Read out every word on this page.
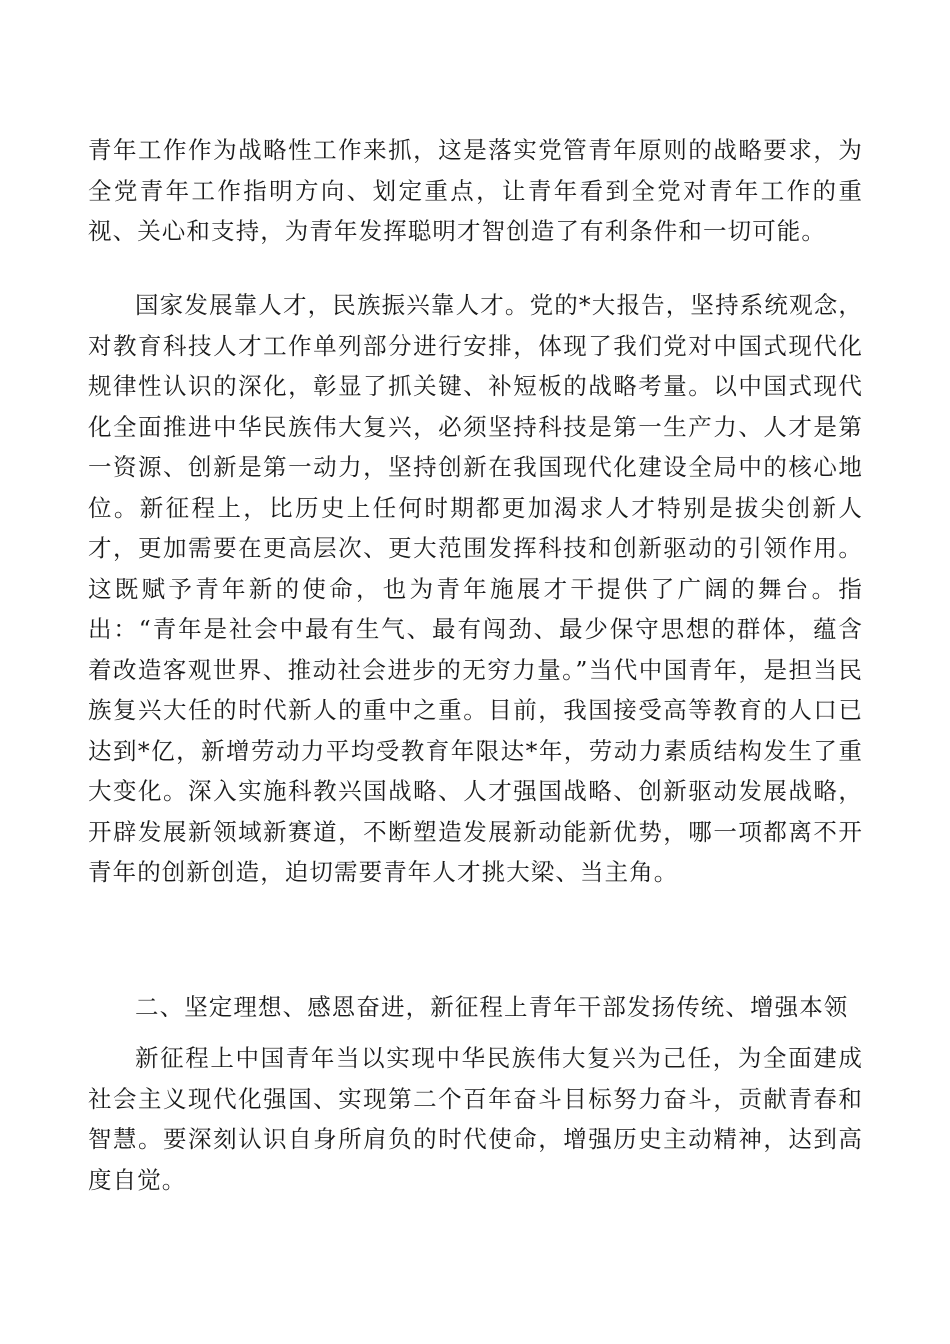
青年工作作为战略性工作来抓，这是落实党管青年原则的战略要求，为全党青年工作指明方向、划定重点，让青年看到全党对青年工作的重视、关心和支持，为青年发挥聪明才智创造了有利条件和一切可能。

国家发展靠人才，民族振兴靠人才。党的*大报告，坚持系统观念，对教育科技人才工作单列部分进行安排，体现了我们党对中国式现代化规律性认识的深化，彰显了抓关键、补短板的战略考量。以中国式现代化全面推进中华民族伟大复兴，必须坚持科技是第一生产力、人才是第一资源、创新是第一动力，坚持创新在我国现代化建设全局中的核心地位。新征程上，比历史上任何时期都更加渴求人才特别是拔尖创新人才，更加需要在更高层次、更大范围发挥科技和创新驱动的引领作用。这既赋予青年新的使命，也为青年施展才干提供了广阔的舞台。指出：“青年是社会中最有生气、最有闯劲、最少保守思想的群体，蕴含着改造客观世界、推动社会进步的无穷力量。”当代中国青年，是担当民族复兴大任的时代新人的重中之重。目前，我国接受高等教育的人口已达到*亿，新增劳动力平均受教育年限达*年，劳动力素质结构发生了重大变化。深入实施科教兴国战略、人才强国战略、创新驱动发展战略，开辟发展新领域新赛道，不断塑造发展新动能新优势，哪一项都离不开青年的创新创造，迫切需要青年人才挑大梁、当主角。

二、坚定理想、感恩奋进，新征程上青年干部发扬传统、增强本领

新征程上中国青年当以实现中华民族伟大复兴为己任，为全面建成社会主义现代化强国、实现第二个百年奋斗目标努力奋斗，贡献青春和智慧。要深刻认识自身所肩负的时代使命，增强历史主动精神，达到高度自觉。
